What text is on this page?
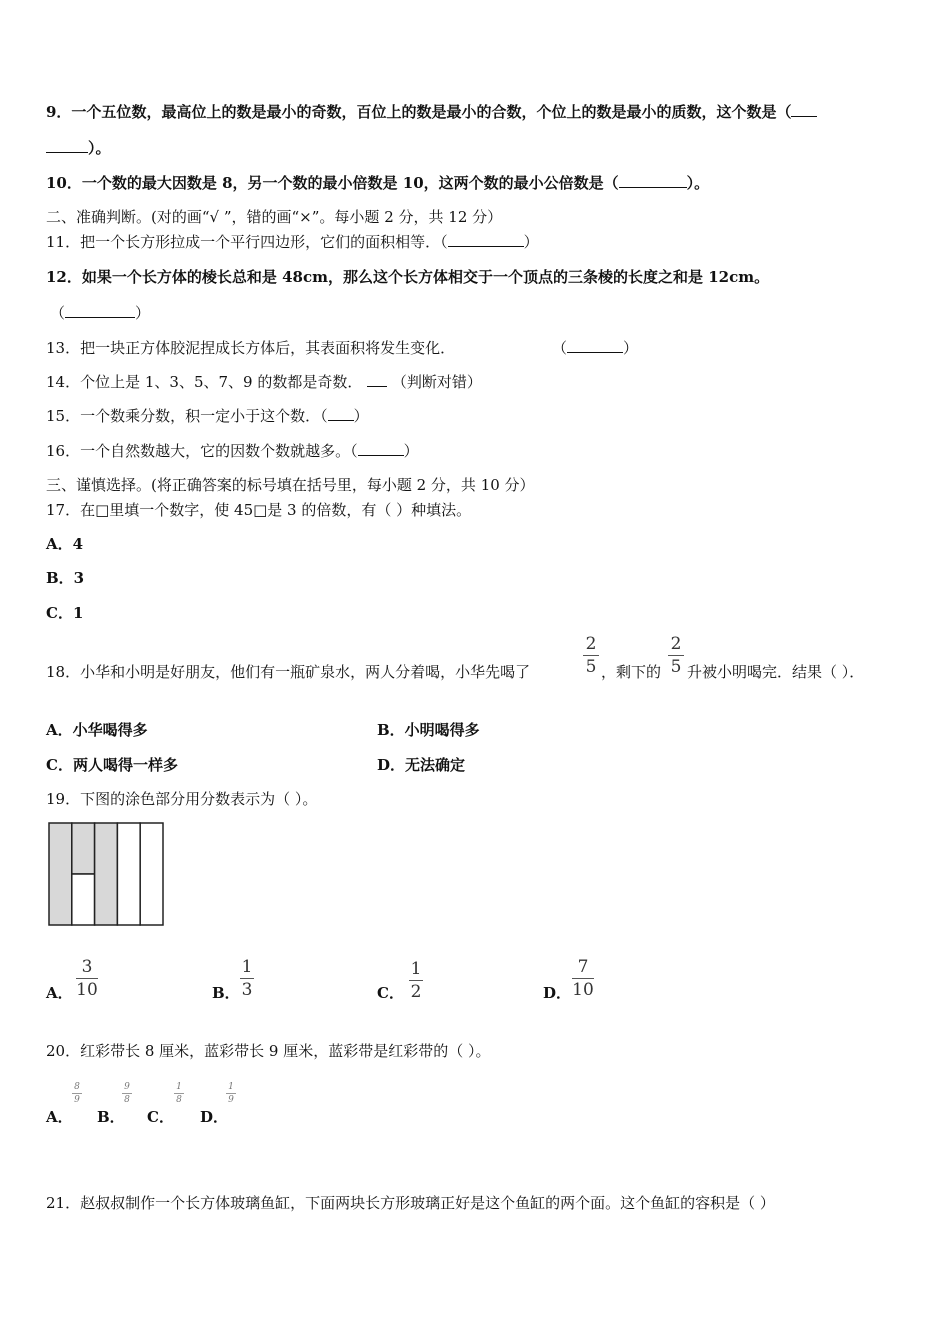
9．一个五位数，最高位上的数是最小的奇数，百位上的数是最小的合数，个位上的数是最小的质数，这个数是（
）。
10．一个数的最大因数是 8，另一个数的最小倍数是 10，这两个数的最小公倍数是（	）。
二、准确判断。(对的画“√ ”，错的画“×”。每小题 2 分，共 12 分）
11．把一个长方形拉成一个平行四边形，它们的面积相等．（	）
12．如果一个长方体的棱长总和是 48cm，那么这个长方体相交于一个顶点的三条棱的长度之和是 12cm。
（	）
13．把一块正方体胶泥捏成长方体后，其表面积将发生变化．	（	）
14．个位上是 1、3、5、7、9 的数都是奇数． （判断对错）
15．一个数乘分数，积一定小于这个数．（ ）
16．一个自然数越大，它的因数个数就越多。（	）
三、谨慎选择。(将正确答案的标号填在括号里，每小题 2 分，共 10 分）
17．在□里填一个数字，使 45□是 3 的倍数，有（ ）种填法。
A．4
B．3
C．1
18．小华和小明是好朋友，他们有一瓶矿泉水，两人分着喝，小华先喝了
2
5 ，剩下的
2
5 升被小明喝完．结果（ ）．
A．小华喝得多	B．小明喝得多
C．两人喝得一样多	D．无法确定
19．下图的涂色部分用分数表示为（ ）。
A．
3
10	B．
1
3	C．
1
2	D．
7
10
20．红彩带长 8 厘米，蓝彩带长 9 厘米，蓝彩带是红彩带的（ ）。
A．
8
9
B．
9
8
C．
1
8
D．
1
9
21．赵叔叔制作一个长方体玻璃鱼缸，下面两块长方形玻璃正好是这个鱼缸的两个面。这个鱼缸的容积是（ ）
